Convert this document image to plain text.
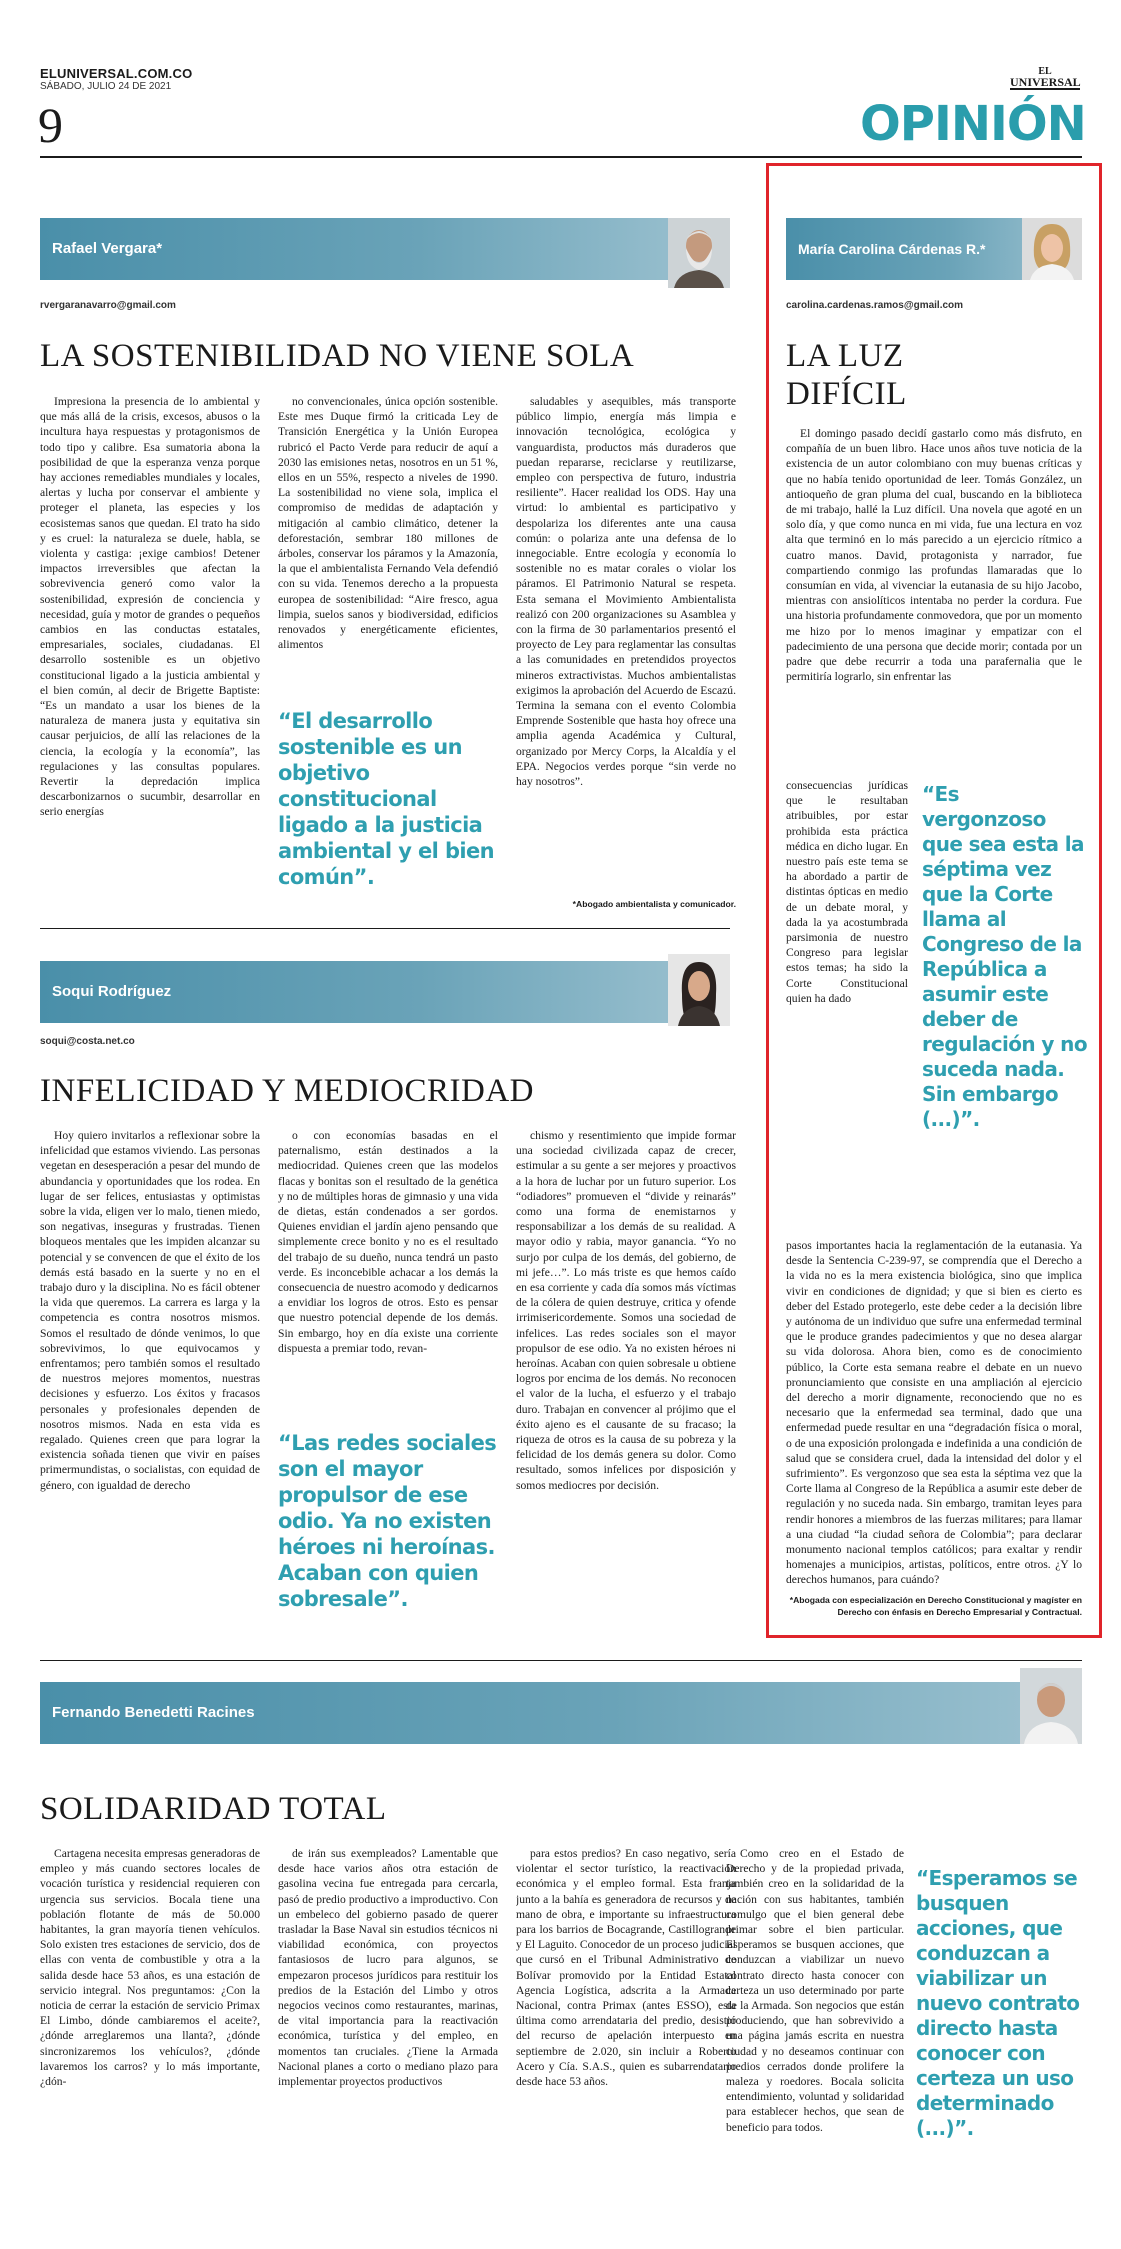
ELUNIVERSAL.COM.CO
SÁBADO, JULIO 24 DE 2021
9
EL
UNIVERSAL
OPINIÓN
Rafael Vergara*
rvergaranavarro@gmail.com
LA SOSTENIBILIDAD NO VIENE SOLA

Impresiona la presencia de lo ambiental y que más allá de la crisis, excesos, abusos o la incultura haya respuestas y protagonismos de todo tipo y calibre. Esa sumatoria abona la posibilidad de que la esperanza venza porque hay acciones remediables mundiales y locales, alertas y lucha por conservar el ambiente y proteger el planeta, las especies y los ecosistemas sanos que quedan. El trato ha sido y es cruel: la naturaleza se duele, habla, se violenta y castiga: ¡exige cambios! Detener impactos irreversibles que afectan la sobrevivencia generó como valor la sostenibilidad, expresión de conciencia y necesidad, guía y motor de grandes o pequeños cambios en las conductas estatales, empresariales, sociales, ciudadanas. El desarrollo sostenible es un objetivo constitucional ligado a la justicia ambiental y el bien común, al decir de Brigette Baptiste: “Es un mandato a usar los bienes de la naturaleza de manera justa y equitativa sin causar perjuicios, de allí las relaciones de la ciencia, la ecología y la economía”, las regulaciones y las consultas populares. Revertir la depredación implica descarbonizarnos o sucumbir, desarrollar en serio energías

no convencionales, única opción sostenible. Este mes Duque firmó la criticada Ley de Transición Energética y la Unión Europea rubricó el Pacto Verde para reducir de aquí a 2030 las emisiones netas, nosotros en un 51 %, ellos en un 55%, respecto a niveles de 1990. La sostenibilidad no viene sola, implica el compromiso de medidas de adaptación y mitigación al cambio climático, detener la deforestación, sembrar 180 millones de árboles, conservar los páramos y la Amazonía, la que el ambientalista Fernando Vela defendió con su vida. Tenemos derecho a la propuesta europea de sostenibilidad: “Aire fresco, agua limpia, suelos sanos y biodiversidad, edificios renovados y energéticamente eficientes, alimentos

“El desarrollo sostenible es un objetivo constitucional ligado a la justicia ambiental y el bien común”.

saludables y asequibles, más transporte público limpio, energía más limpia e innovación tecnológica, ecológica y vanguardista, productos más duraderos que puedan repararse, reciclarse y reutilizarse, empleo con perspectiva de futuro, industria resiliente”. Hacer realidad los ODS. Hay una virtud: lo ambiental es participativo y despolariza los diferentes ante una causa común: o polariza ante una defensa de lo innegociable. Entre ecología y economía lo sostenible no es matar corales o violar los páramos. El Patrimonio Natural se respeta. Esta semana el Movimiento Ambientalista realizó con 200 organizaciones su Asamblea y con la firma de 30 parlamentarios presentó el proyecto de Ley para reglamentar las consultas a las comunidades en pretendidos proyectos mineros extractivistas. Muchos ambientalistas exigimos la aprobación del Acuerdo de Escazú. Termina la semana con el evento Colombia Emprende Sostenible que hasta hoy ofrece una amplia agenda Académica y Cultural, organizado por Mercy Corps, la Alcaldía y el EPA. Negocios verdes porque “sin verde no hay nosotros”.

*Abogado ambientalista y comunicador.
Soqui Rodríguez
soqui@costa.net.co
INFELICIDAD Y MEDIOCRIDAD

Hoy quiero invitarlos a reflexionar sobre la infelicidad que estamos viviendo. Las personas vegetan en desesperación a pesar del mundo de abundancia y oportunidades que los rodea. En lugar de ser felices, entusiastas y optimistas sobre la vida, eligen ver lo malo, tienen miedo, son negativas, inseguras y frustradas. Tienen bloqueos mentales que les impiden alcanzar su potencial y se convencen de que el éxito de los demás está basado en la suerte y no en el trabajo duro y la disciplina. No es fácil obtener la vida que queremos. La carrera es larga y la competencia es contra nosotros mismos. Somos el resultado de dónde venimos, lo que sobrevivimos, lo que equivocamos y enfrentamos; pero también somos el resultado de nuestros mejores momentos, nuestras decisiones y esfuerzo. Los éxitos y fracasos personales y profesionales dependen de nosotros mismos. Nada en esta vida es regalado. Quienes creen que para lograr la existencia soñada tienen que vivir en países primermundistas, o socialistas, con equidad de género, con igualdad de derecho

o con economías basadas en el paternalismo, están destinados a la mediocridad. Quienes creen que las modelos flacas y bonitas son el resultado de la genética y no de múltiples horas de gimnasio y una vida de dietas, están condenados a ser gordos. Quienes envidian el jardín ajeno pensando que simplemente crece bonito y no es el resultado del trabajo de su dueño, nunca tendrá un pasto verde. Es inconcebible achacar a los demás la consecuencia de nuestro acomodo y dedicarnos a envidiar los logros de otros. Esto es pensar que nuestro potencial depende de los demás. Sin embargo, hoy en día existe una corriente dispuesta a premiar todo, revan-

“Las redes sociales son el mayor propulsor de ese odio. Ya no existen héroes ni heroínas. Acaban con quien sobresale”.

chismo y resentimiento que impide formar una sociedad civilizada capaz de crecer, estimular a su gente a ser mejores y proactivos a la hora de luchar por un futuro superior. Los “odiadores” promueven el “divide y reinarás” como una forma de enemistarnos y responsabilizar a los demás de su realidad. A mayor odio y rabia, mayor ganancia. “Yo no surjo por culpa de los demás, del gobierno, de mi jefe…”. Lo más triste es que hemos caído en esa corriente y cada día somos más víctimas de la cólera de quien destruye, critica y ofende irrimisericordemente. Somos una sociedad de infelices. Las redes sociales son el mayor propulsor de ese odio. Ya no existen héroes ni heroínas. Acaban con quien sobresale u obtiene logros por encima de los demás. No reconocen el valor de la lucha, el esfuerzo y el trabajo duro. Trabajan en convencer al prójimo que el éxito ajeno es el causante de su fracaso; la riqueza de otros es la causa de su pobreza y la felicidad de los demás genera su dolor. Como resultado, somos infelices por disposición y somos mediocres por decisión.

María Carolina Cárdenas R.*
carolina.cardenas.ramos@gmail.com
LA LUZ
DIFÍCIL

El domingo pasado decidí gastarlo como más disfruto, en compañía de un buen libro. Hace unos años tuve noticia de la existencia de un autor colombiano con muy buenas críticas y que no había tenido oportunidad de leer. Tomás González, un antioqueño de gran pluma del cual, buscando en la biblioteca de mi trabajo, hallé la Luz difícil. Una novela que agoté en un solo día, y que como nunca en mi vida, fue una lectura en voz alta que terminó en lo más parecido a un ejercicio rítmico a cuatro manos. David, protagonista y narrador, fue compartiendo conmigo las profundas llamaradas que lo consumían en vida, al vivenciar la eutanasia de su hijo Jacobo, mientras con ansiolíticos intentaba no perder la cordura. Fue una historia profundamente conmovedora, que por un momento me hizo por lo menos imaginar y empatizar con el padecimiento de una persona que decide morir; contada por un padre que debe recurrir a toda una parafernalia que le permitiría lograrlo, sin enfrentar las

consecuencias jurídicas que le resultaban atribuibles, por estar prohibida esta práctica médica en dicho lugar. En nuestro país este tema se ha abordado a partir de distintas ópticas en medio de un debate moral, y dada la ya acostumbrada parsimonia de nuestro Congreso para legislar estos temas; ha sido la Corte Constitucional quien ha dado

“Es vergonzoso que sea esta la séptima vez que la Corte llama al Congreso de la República a asumir este deber de regulación y no suceda nada. Sin embargo (...)”.

pasos importantes hacia la reglamentación de la eutanasia. Ya desde la Sentencia C-239-97, se comprendía que el Derecho a la vida no es la mera existencia biológica, sino que implica vivir en condiciones de dignidad; y que si bien es cierto es deber del Estado protegerlo, este debe ceder a la decisión libre y autónoma de un individuo que sufre una enfermedad terminal que le produce grandes padecimientos y que no desea alargar su vida dolorosa. Ahora bien, como es de conocimiento público, la Corte esta semana reabre el debate en un nuevo pronunciamiento que consiste en una ampliación al ejercicio del derecho a morir dignamente, reconociendo que no es necesario que la enfermedad sea terminal, dado que una enfermedad puede resultar en una “degradación física o moral, o de una exposición prolongada e indefinida a una condición de salud que se considera cruel, dada la intensidad del dolor y el sufrimiento”. Es vergonzoso que sea esta la séptima vez que la Corte llama al Congreso de la República a asumir este deber de regulación y no suceda nada. Sin embargo, tramitan leyes para rendir honores a miembros de las fuerzas militares; para llamar a una ciudad “la ciudad señora de Colombia”; para declarar monumento nacional templos católicos; para exaltar y rendir homenajes a municipios, artistas, políticos, entre otros. ¿Y lo derechos humanos, para cuándo?

*Abogada con especialización en Derecho Constitucional y magíster en Derecho con énfasis en Derecho Empresarial y Contractual.
Fernando Benedetti Racines
SOLIDARIDAD TOTAL

Cartagena necesita empresas generadoras de empleo y más cuando sectores locales de vocación turística y residencial requieren con urgencia sus servicios. Bocala tiene una población flotante de más de 50.000 habitantes, la gran mayoría tienen vehículos. Solo existen tres estaciones de servicio, dos de ellas con venta de combustible y otra a la salida desde hace 53 años, es una estación de servicio integral. Nos preguntamos: ¿Con la noticia de cerrar la estación de servicio Primax El Limbo, dónde cambiaremos el aceite?, ¿dónde arreglaremos una llanta?, ¿dónde sincronizaremos los vehículos?, ¿dónde lavaremos los carros? y lo más importante, ¿dón-

de irán sus exempleados? Lamentable que desde hace varios años otra estación de gasolina vecina fue entregada para cercarla, pasó de predio productivo a improductivo. Con un embeleco del gobierno pasado de querer trasladar la Base Naval sin estudios técnicos ni viabilidad económica, con proyectos fantasiosos de lucro para algunos, se empezaron procesos jurídicos para restituir los predios de la Estación del Limbo y otros negocios vecinos como restaurantes, marinas, de vital importancia para la reactivación económica, turística y del empleo, en momentos tan cruciales. ¿Tiene la Armada Nacional planes a corto o mediano plazo para implementar proyectos productivos

para estos predios? En caso negativo, sería violentar el sector turístico, la reactivación económica y el empleo formal. Esta franja junto a la bahía es generadora de recursos y de mano de obra, e importante su infraestructura para los barrios de Bocagrande, Castillogrande y El Laguito. Conocedor de un proceso judicial que cursó en el Tribunal Administrativo de Bolívar promovido por la Entidad Estatal Agencia Logística, adscrita a la Armada Nacional, contra Primax (antes ESSO), esta última como arrendataria del predio, desistió del recurso de apelación interpuesto en septiembre de 2.020, sin incluir a Roberto Acero y Cía. S.A.S., quien es subarrendatario desde hace 53 años.

Como creo en el Estado de Derecho y de la propiedad privada, también creo en la solidaridad de la nación con sus habitantes, también comulgo que el bien general debe primar sobre el bien particular. Esperamos se busquen acciones, que conduzcan a viabilizar un nuevo contrato directo hasta conocer con certeza un uso determinado por parte de la Armada. Son negocios que están produciendo, que han sobrevivido a una página jamás escrita en nuestra ciudad y no deseamos continuar con predios cerrados donde prolifere la maleza y roedores. Bocala solicita entendimiento, voluntad y solidaridad para establecer hechos, que sean de beneficio para todos.

“Esperamos se busquen acciones, que conduzcan a viabilizar un nuevo contrato directo hasta conocer con certeza un uso determinado (...)”.
